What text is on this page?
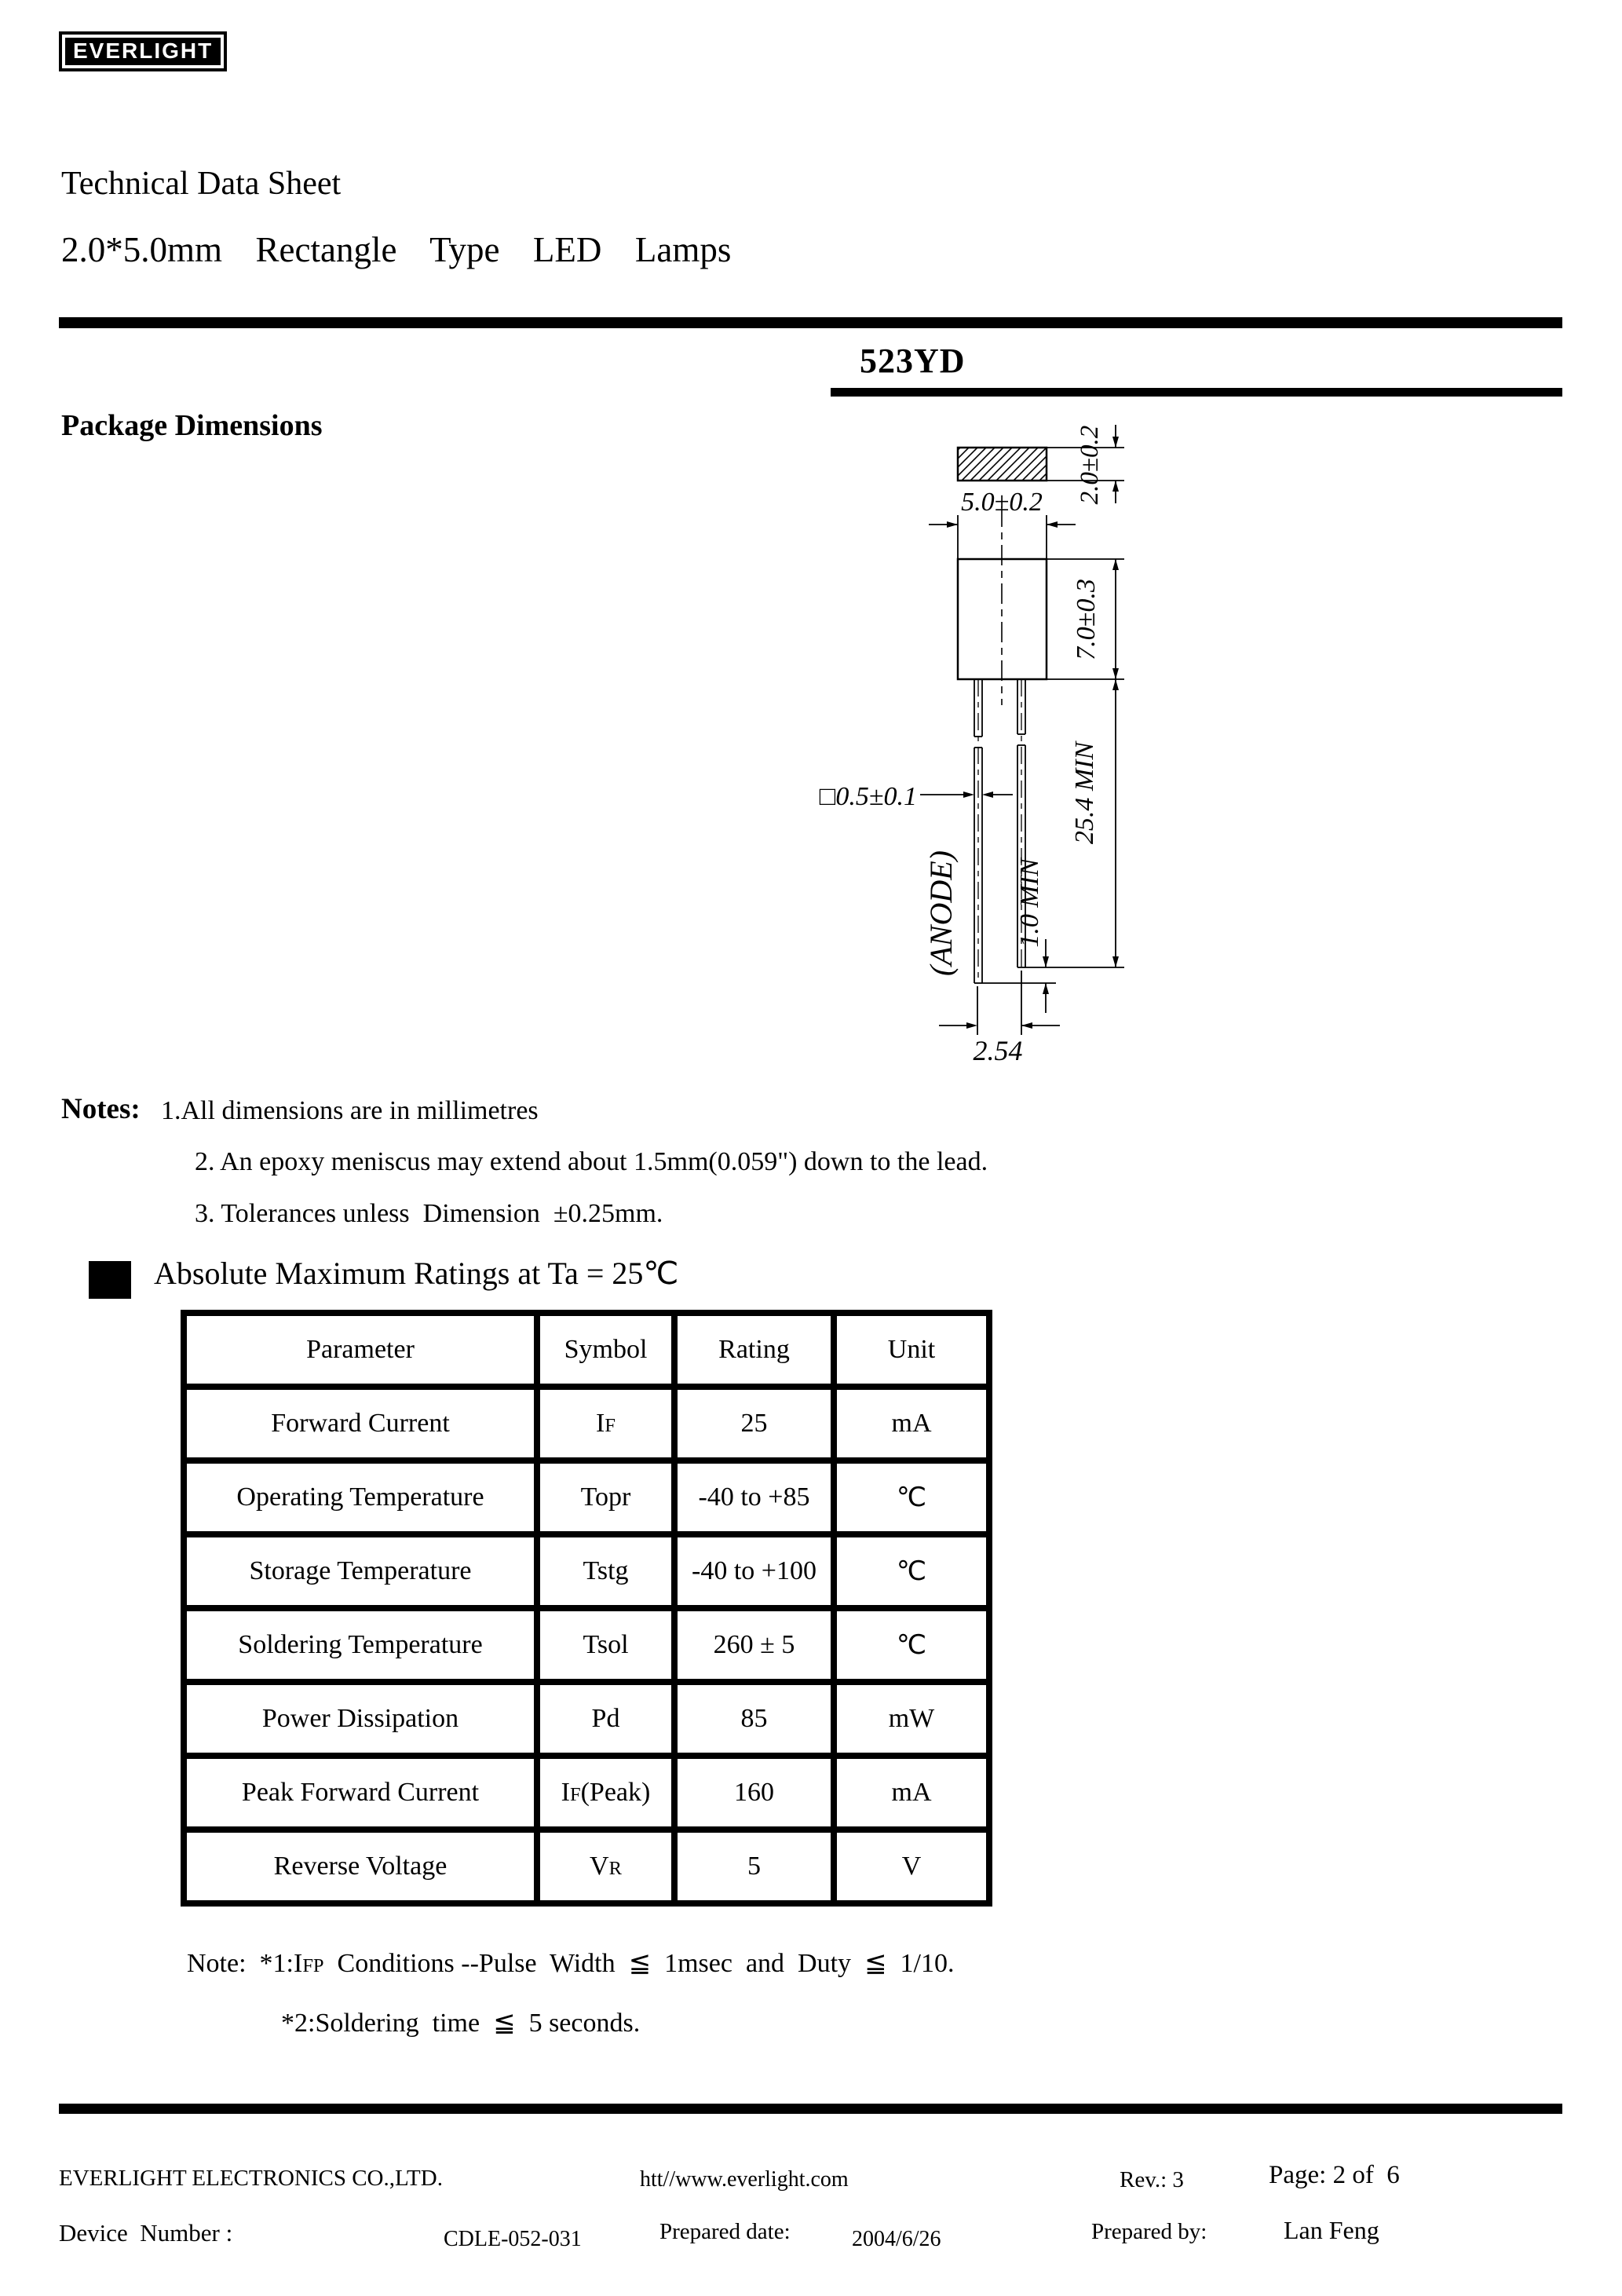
EVERLIGHT
Technical Data Sheet
2.0*5.0mm  Rectangle  Type  LED  Lamps
523YD
Package Dimensions	2.0±0.2
5.0±0.2
7.0±0.3
□0.5±0.1
(ANODE)
25.4 MIN
1.0 MIN
2.54
Notes: 1.All dimensions are in millimetres
2. An epoxy meniscus may extend about 1.5mm(0.059") down to the lead.
3. Tolerances unless  Dimension  ±0.25mm.
Absolute Maximum Ratings at Ta = 25℃
Parameter	Symbol	Rating	Unit
Forward Current	IF	25	mA
Operating Temperature	Topr	-40 to +85	℃
Storage Temperature	Tstg	-40 to +100	℃
Soldering Temperature	Tsol	260 ± 5	℃
Power Dissipation	Pd	85	mW
Peak Forward Current	IF(Peak)	160	mA
Reverse Voltage	VR	5	V
Note:  *1:IFP  Conditions --Pulse  Width  ≦  1msec  and  Duty  ≦  1/10.
*2:Soldering  time  ≦  5 seconds.
EVERLIGHT ELECTRONICS CO.,LTD.	htt//www.everlight.com	Rev.: 3	Page: 2 of  6
Device  Number :	CDLE-052-031	Prepared date:	2004/6/26	Prepared by:	Lan Feng
